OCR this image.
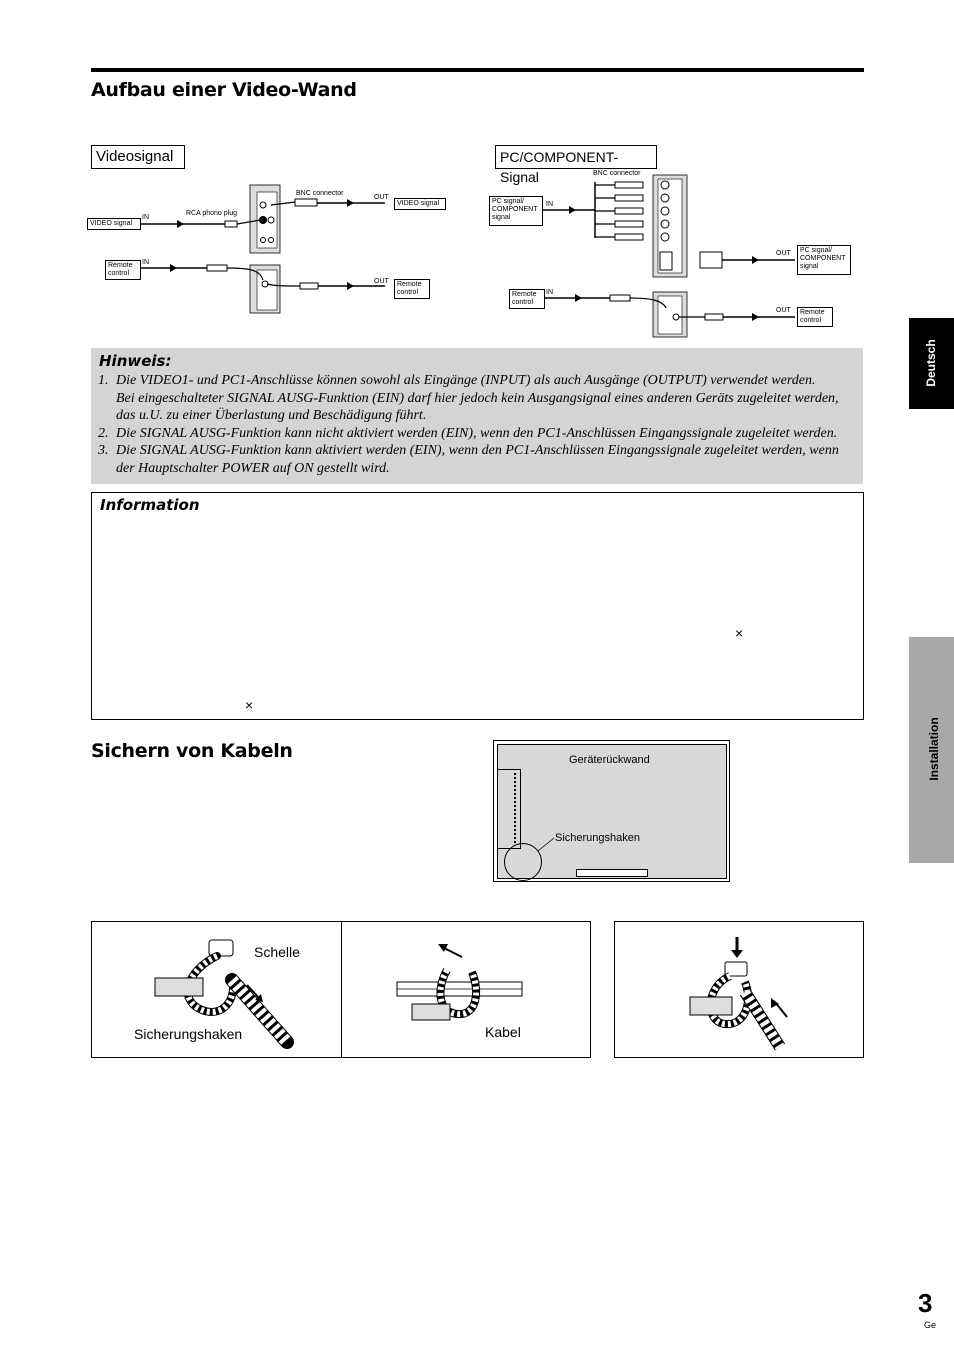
Aufbau einer Video-Wand
Videosignal	PC/COMPONENT-Signal
BNC connector
OUT
VIDEO signal
VIDEO signal
IN
RCA phono plug
Remote control
IN
OUT	Remote control
BNC connector
PC signal/ COMPONENT signal
IN
OUT	PC signal/ COMPONENT signal
Remote control
IN
OUT	Remote control
Hinweis:
1. Die VIDEO1- und PC1-Anschlüsse können sowohl als Eingänge (INPUT) als auch Ausgänge (OUTPUT) verwendet werden.
Bei eingeschalteter SIGNAL AUSG-Funktion (EIN) darf hier jedoch kein Ausgangsignal eines anderen Geräts zugeleitet werden, das u.U. zu einer Überlastung und Beschädigung führt.
2. Die SIGNAL AUSG-Funktion kann nicht aktiviert werden (EIN), wenn den PC1-Anschlüssen Eingangssignale zugeleitet werden.
3. Die SIGNAL AUSG-Funktion kann aktiviert werden (EIN), wenn den PC1-Anschlüssen Eingangssignale zugeleitet werden, wenn der Hauptschalter POWER auf ON gestellt wird.
Information
×
×
Sichern von Kabeln	Geräterückwand
Sicherungshaken
Schelle
Sicherungshaken	Kabel
Deutsch
Installation
3
Ge
